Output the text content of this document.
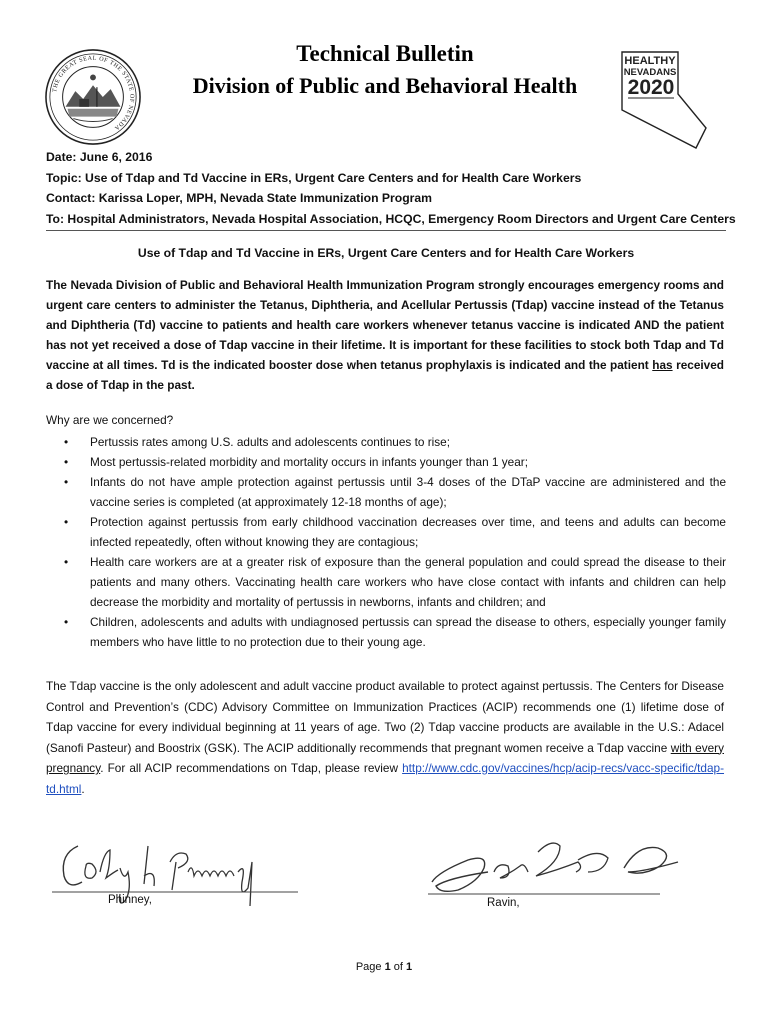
THE GREAT SEAL OF THE STATE OF NEVADA
Technical Bulletin
Division of Public and Behavioral Health
HEALTHY
NEVADANS
2020
Date: June 6, 2016
Topic: Use of Tdap and Td Vaccine in ERs, Urgent Care Centers and for Health Care Workers
Contact: Karissa Loper, MPH, Nevada State Immunization Program
To: Hospital Administrators, Nevada Hospital Association, HCQC, Emergency Room Directors and Urgent Care Centers
Use of Tdap and Td Vaccine in ERs, Urgent Care Centers and for Health Care Workers
The Nevada Division of Public and Behavioral Health Immunization Program strongly encourages emergency rooms and urgent care centers to administer the Tetanus, Diphtheria, and Acellular Pertussis (Tdap) vaccine instead of the Tetanus and Diphtheria (Td) vaccine to patients and health care workers whenever tetanus vaccine is indicated AND the patient has not yet received a dose of Tdap vaccine in their lifetime. It is important for these facilities to stock both Tdap and Td vaccine at all times. Td is the indicated booster dose when tetanus prophylaxis is indicated and the patient has received a dose of Tdap in the past.
Why are we concerned?
• Pertussis rates among U.S. adults and adolescents continues to rise;
• Most pertussis-related morbidity and mortality occurs in infants younger than 1 year;
• Infants do not have ample protection against pertussis until 3-4 doses of the DTaP vaccine are administered and the vaccine series is completed (at approximately 12-18 months of age);
• Protection against pertussis from early childhood vaccination decreases over time, and teens and adults can become infected repeatedly, often without knowing they are contagious;
• Health care workers are at a greater risk of exposure than the general population and could spread the disease to their patients and many others. Vaccinating health care workers who have close contact with infants and children can help decrease the morbidity and mortality of pertussis in newborns, infants and children; and
• Children, adolescents and adults with undiagnosed pertussis can spread the disease to others, especially younger family members who have little to no protection due to their young age.
The Tdap vaccine is the only adolescent and adult vaccine product available to protect against pertussis. The Centers for Disease Control and Prevention’s (CDC) Advisory Committee on Immunization Practices (ACIP) recommends one (1) lifetime dose of Tdap vaccine for every individual beginning at 11 years of age. Two (2) Tdap vaccine products are available in the U.S.: Adacel (Sanofi Pasteur) and Boostrix (GSK). The ACIP additionally recommends that pregnant women receive a Tdap vaccine with every pregnancy. For all ACIP recommendations on Tdap, please review http://www.cdc.gov/vaccines/hcp/acip-recs/vacc-specific/tdap-td.html.
Phinney,	Ravin,
Page 1 of 1
